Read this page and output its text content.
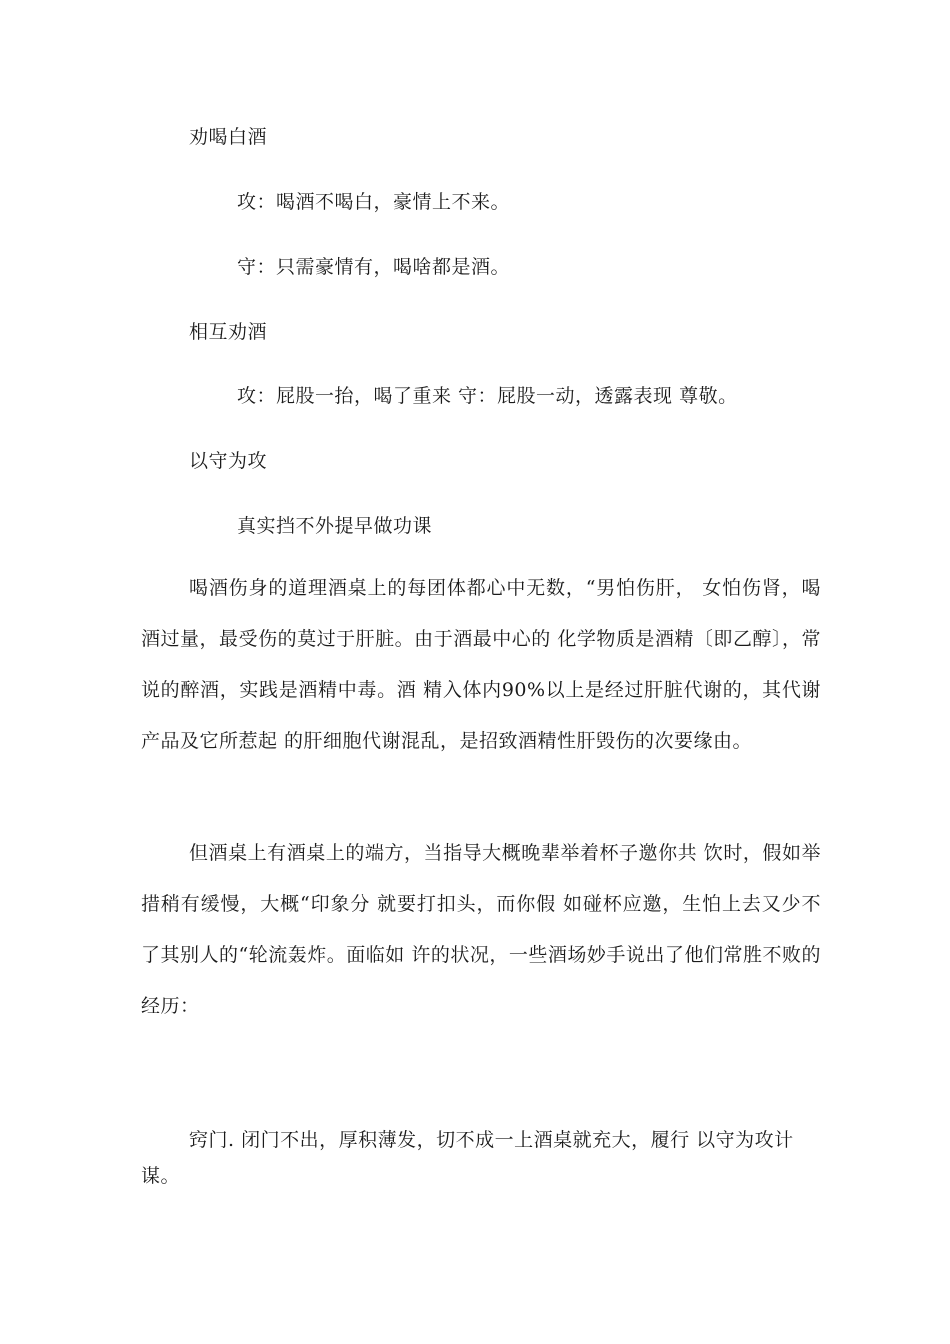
劝喝白酒
攻：喝酒不喝白，豪情上不来。
守：只需豪情有，喝啥都是酒。
相互劝酒
攻：屁股一抬，喝了重来 守：屁股一动，透露表现 尊敬。
以守为攻
真实挡不外提早做功课
喝酒伤身的道理酒桌上的每团体都心中无数，“男怕伤肝， 女怕伤肾，喝酒过量，最受伤的莫过于肝脏。由于酒最中心的 化学物质是酒精〔即乙醇〕，常说的醉酒，实践是酒精中毒。酒 精入体内90%以上是经过肝脏代谢的，其代谢产品及它所惹起 的肝细胞代谢混乱，是招致酒精性肝毁伤的次要缘由。
但酒桌上有酒桌上的端方，当指导大概晚辈举着杯子邀你共 饮时，假如举措稍有缓慢，大概“印象分 就要打扣头，而你假 如碰杯应邀，生怕上去又少不了其别人的“轮流轰炸。面临如 许的状况，一些酒场妙手说出了他们常胜不败的经历：
窍门. 闭门不出，厚积薄发，切不成一上酒桌就充大，履行 以守为攻计谋。
